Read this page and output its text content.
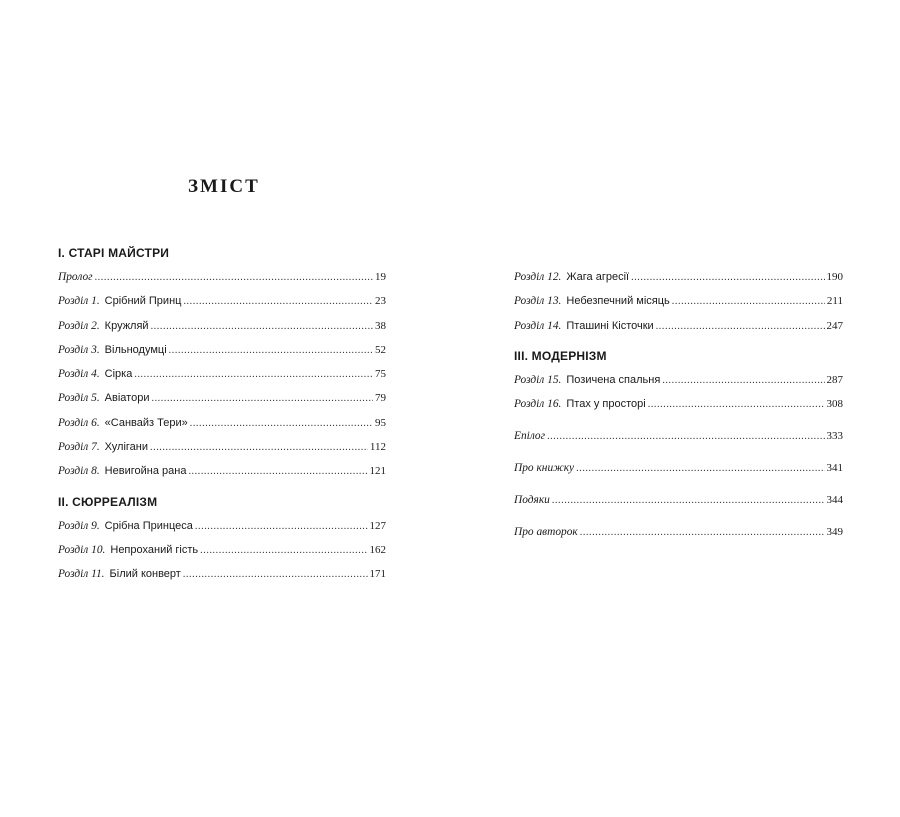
ЗМІСТ
I. СТАРІ МАЙСТРИ
Пролог .....	19
Розділ 1. Срібний Принц .....	23
Розділ 2. Кружляй .....	38
Розділ 3. Вільнодумці .....	52
Розділ 4. Сірка .....	75
Розділ 5. Авіатори .....	79
Розділ 6. «Санвайз Тери» .....	95
Розділ 7. Хулігани .....	112
Розділ 8. Невигойна рана .....	121
II. СЮРРЕАЛІЗМ
Розділ 9. Срібна Принцеса .....	127
Розділ 10. Непроханий гість .....	162
Розділ 11. Білий конверт .....	171
Розділ 12. Жага агресії .....	190
Розділ 13. Небезпечний місяць .....	211
Розділ 14. Пташині Кісточки .....	247
III. МОДЕРНІЗМ
Розділ 15. Позичена спальня .....	287
Розділ 16. Птах у просторі .....	308
Епілог .....	333
Про книжку .....	341
Подяки .....	344
Про авторок .....	349
